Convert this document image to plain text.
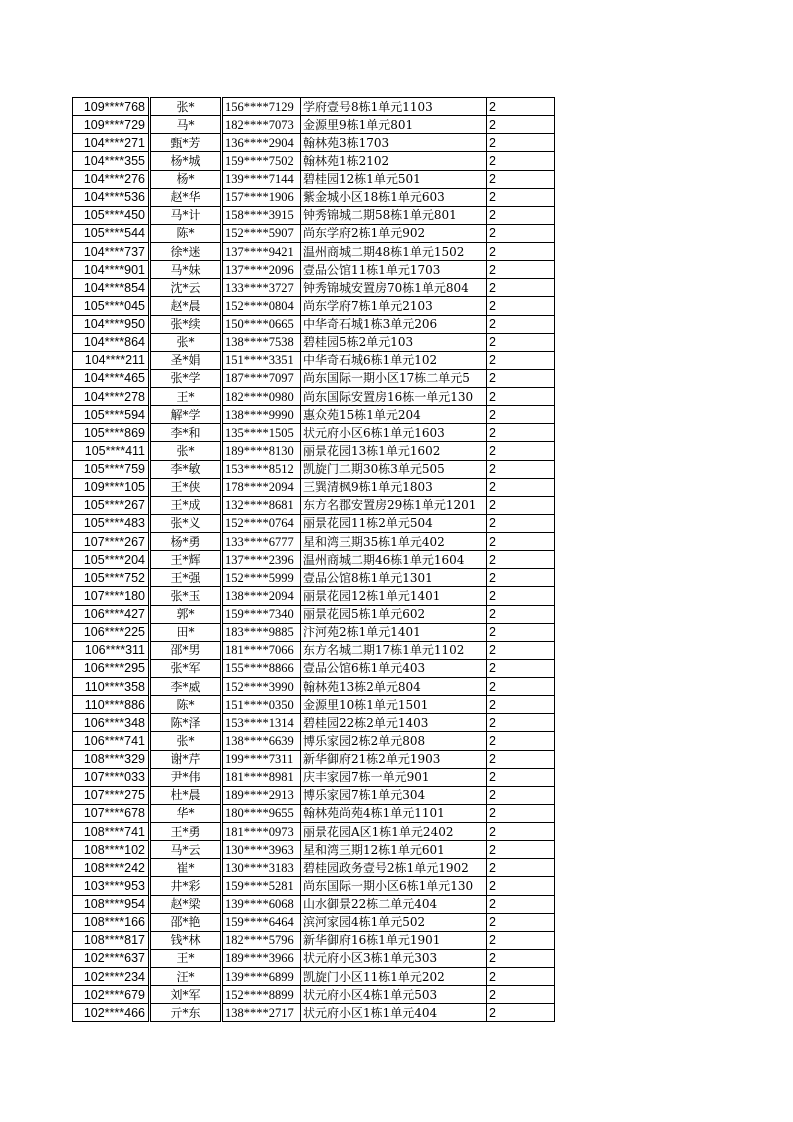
109****768	张*	156****7129	学府壹号8栋1单元1103	2
109****729	马*	182****7073	金源里9栋1单元801	2
104****271	甄*芳	136****2904	翰林苑3栋1703	2
104****355	杨*城	159****7502	翰林苑1栋2102	2
104****276	杨*	139****7144	碧桂园12栋1单元501	2
104****536	赵*华	157****1906	紫金城小区18栋1单元603	2
105****450	马*计	158****3915	钟秀锦城二期58栋1单元801	2
105****544	陈*	152****5907	尚东学府2栋1单元902	2
104****737	徐*迷	137****9421	温州商城二期48栋1单元1502	2
104****901	马*妹	137****2096	壹品公馆11栋1单元1703	2
104****854	沈*云	133****3727	钟秀锦城安置房70栋1单元804	2
105****045	赵*晨	152****0804	尚东学府7栋1单元2103	2
104****950	张*续	150****0665	中华奇石城1栋3单元206	2
104****864	张*	138****7538	碧桂园5栋2单元103	2
104****211	圣*娟	151****3351	中华奇石城6栋1单元102	2
104****465	张*学	187****7097	尚东国际一期小区17栋二单元5	2
104****278	王*	182****0980	尚东国际安置房16栋一单元130	2
105****594	解*学	138****9990	惠众苑15栋1单元204	2
105****869	李*和	135****1505	状元府小区6栋1单元1603	2
105****411	张*	189****8130	丽景花园13栋1单元1602	2
105****759	李*敏	153****8512	凯旋门二期30栋3单元505	2
109****105	王*侠	178****2094	三巽清枫9栋1单元1803	2
105****267	王*成	132****8681	东方名郡安置房29栋1单元1201	2
105****483	张*义	152****0764	丽景花园11栋2单元504	2
107****267	杨*勇	133****6777	星和湾三期35栋1单元402	2
105****204	王*辉	137****2396	温州商城二期46栋1单元1604	2
105****752	王*强	152****5999	壹品公馆8栋1单元1301	2
107****180	张*玉	138****2094	丽景花园12栋1单元1401	2
106****427	郭*	159****7340	丽景花园5栋1单元602	2
106****225	田*	183****9885	汴河苑2栋1单元1401	2
106****311	邵*男	181****7066	东方名城二期17栋1单元1102	2
106****295	张*军	155****8866	壹品公馆6栋1单元403	2
110****358	李*威	152****3990	翰林苑13栋2单元804	2
110****886	陈*	151****0350	金源里10栋1单元1501	2
106****348	陈*泽	153****1314	碧桂园22栋2单元1403	2
106****741	张*	138****6639	博乐家园2栋2单元808	2
108****329	谢*芹	199****7311	新华御府21栋2单元1903	2
107****033	尹*伟	181****8981	庆丰家园7栋一单元901	2
107****275	杜*晨	189****2913	博乐家园7栋1单元304	2
107****678	华*	180****9655	翰林苑尚苑4栋1单元1101	2
108****741	王*勇	181****0973	丽景花园A区1栋1单元2402	2
108****102	马*云	130****3963	星和湾三期12栋1单元601	2
108****242	崔*	130****3183	碧桂园政务壹号2栋1单元1902	2
103****953	井*彩	159****5281	尚东国际一期小区6栋1单元130	2
108****954	赵*梁	139****6068	山水御景22栋二单元404	2
108****166	邵*艳	159****6464	滨河家园4栋1单元502	2
108****817	钱*林	182****5796	新华御府16栋1单元1901	2
102****637	王*	189****3966	状元府小区3栋1单元303	2
102****234	汪*	139****6899	凯旋门小区11栋1单元202	2
102****679	刘*军	152****8899	状元府小区4栋1单元503	2
102****466	亓*东	138****2717	状元府小区1栋1单元404	2
